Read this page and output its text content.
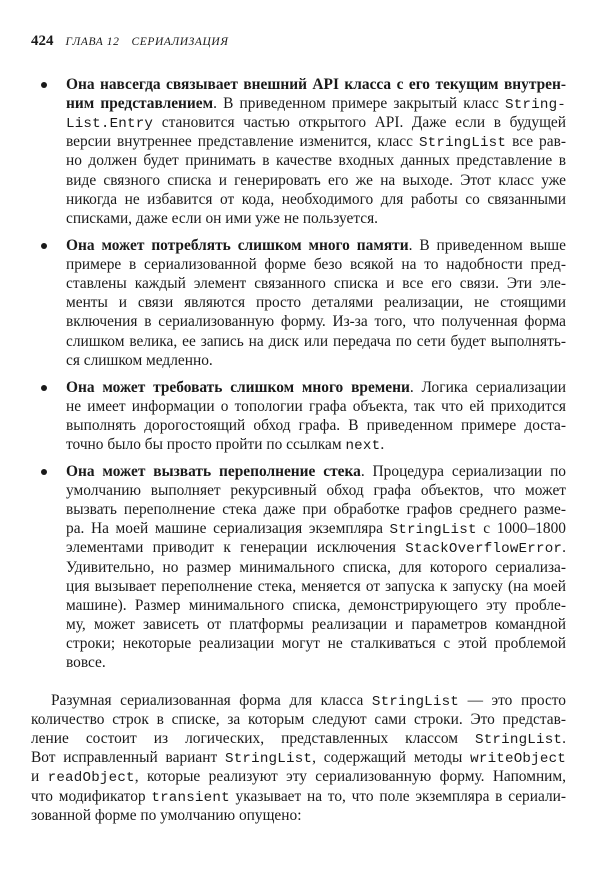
424 ГЛАВА 12 СЕРИАЛИЗАЦИЯ
Она навсегда связывает внешний API класса с его текущим внутрен-
ним представлением. В приведенном примере закрытый класс String-
List.Entry становится частью открытого API. Даже если в будущей
версии внутреннее представление изменится, класс StringList все рав-
но должен будет принимать в качестве входных данных представление в
виде связного списка и генерировать его же на выходе. Этот класс уже
никогда не избавится от кода, необходимого для работы со связанными
списками, даже если он ими уже не пользуется.
Она может потреблять слишком много памяти. В приведенном выше
примере в сериализованной форме безо всякой на то надобности пред-
ставлены каждый элемент связанного списка и все его связи. Эти эле-
менты и связи являются просто деталями реализации, не стоящими
включения в сериализованную форму. Из-за того, что полученная форма
слишком велика, ее запись на диск или передача по сети будет выполнять-
ся слишком медленно.
Она может требовать слишком много времени. Логика сериализации
не имеет информации о топологии графа объекта, так что ей приходится
выполнять дорогостоящий обход графа. В приведенном примере доста-
точно было бы просто пройти по ссылкам next.
Она может вызвать переполнение стека. Процедура сериализации по
умолчанию выполняет рекурсивный обход графа объектов, что может
вызвать переполнение стека даже при обработке графов среднего разме-
ра. На моей машине сериализация экземпляра StringList с 1000–1800
элементами приводит к генерации исключения StackOverflowError.
Удивительно, но размер минимального списка, для которого сериализа-
ция вызывает переполнение стека, меняется от запуска к запуску (на моей
машине). Размер минимального списка, демонстрирующего эту пробле-
му, может зависеть от платформы реализации и параметров командной
строки; некоторые реализации могут не сталкиваться с этой проблемой
вовсе.
Разумная сериализованная форма для класса StringList — это просто
количество строк в списке, за которым следуют сами строки. Это представ-
ление состоит из логических, представленных классом StringList.
Вот исправленный вариант StringList, содержащий методы writeObject
и readObject, которые реализуют эту сериализованную форму. Напомним,
что модификатор transient указывает на то, что поле экземпляра в сериали-
зованной форме по умолчанию опущено:
